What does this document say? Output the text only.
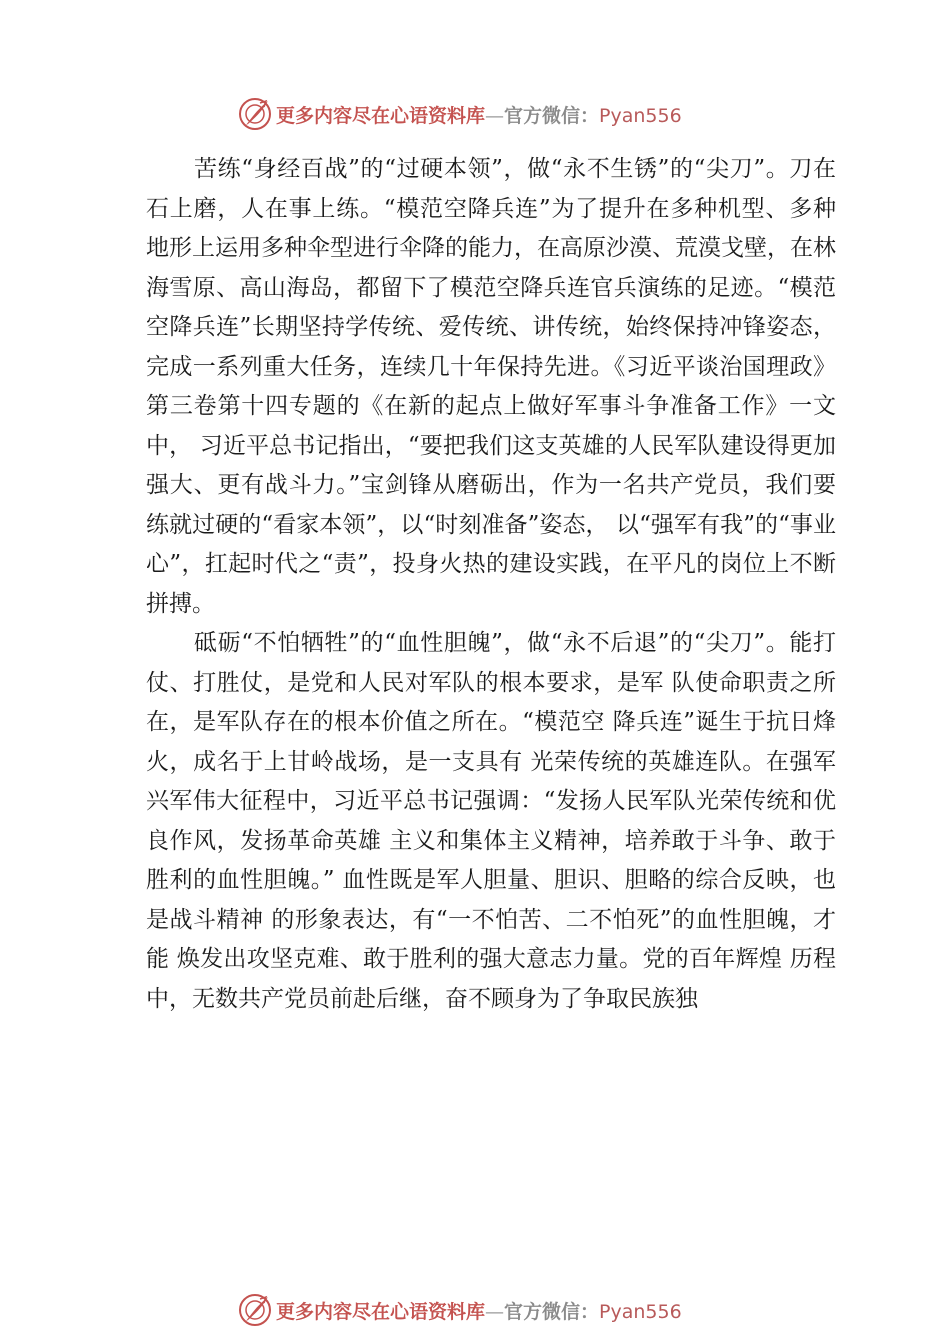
更多内容尽在心语资料库—官方微信：Pyan556

苦练“身经百战”的“过硬本领”，做“永不生锈”的“尖刀”。刀在石上磨，人在事上练。“模范空降兵连”为了提升在多种机型、多种地形上运用多种伞型进行伞降的能力，在高原沙漠、荒漠戈壁，在林海雪原、高山海岛，都留下了模范空降兵连官兵演练的足迹。“模范空降兵连”长期坚持学传统、爱传统、讲传统，始终保持冲锋姿态，完成一系列重大任务，连续几十年保持先进。《习近平谈治国理政》第三卷第十四专题的《在新的起点上做好军事斗争准备工作》一文中， 习近平总书记指出，“要把我们这支英雄的人民军队建设得更加强大、更有战斗力。”宝剑锋从磨砺出，作为一名共产党员，我们要练就过硬的“看家本领”，以“时刻准备”姿态， 以“强军有我”的“事业心”，扛起时代之“责”，投身火热的建设实践，在平凡的岗位上不断拼搏。

砥砺“不怕牺牲”的“血性胆魄”，做“永不后退”的“尖刀”。能打仗、打胜仗，是党和人民对军队的根本要求，是军 队使命职责之所在，是军队存在的根本价值之所在。“模范空 降兵连”诞生于抗日烽火，成名于上甘岭战场，是一支具有 光荣传统的英雄连队。在强军兴军伟大征程中，习近平总书记强调：“发扬人民军队光荣传统和优良作风，发扬革命英雄 主义和集体主义精神，培养敢于斗争、敢于胜利的血性胆魄。” 血性既是军人胆量、胆识、胆略的综合反映，也是战斗精神 的形象表达，有“一不怕苦、二不怕死”的血性胆魄，才能 焕发出攻坚克难、敢于胜利的强大意志力量。党的百年辉煌 历程中，无数共产党员前赴后继，奋不顾身为了争取民族独

更多内容尽在心语资料库—官方微信：Pyan556
